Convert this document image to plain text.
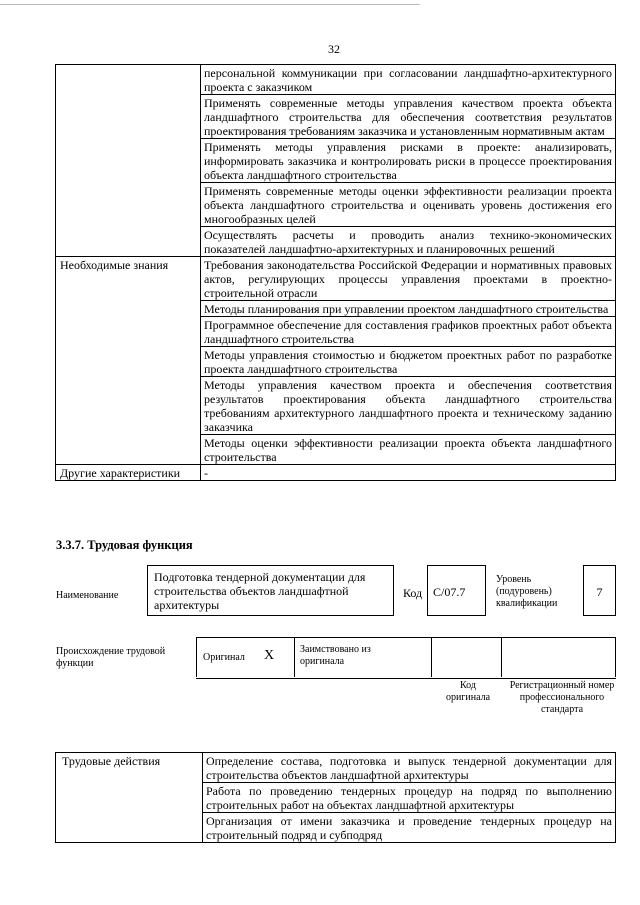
32
	персональной коммуникации при согласовании ландшафтно-архитектурного проекта с заказчиком
	Применять современные методы управления качеством проекта объекта ландшафтного строительства для обеспечения соответствия результатов проектирования требованиям заказчика и установленным нормативным актам
	Применять методы управления рисками в проекте: анализировать, информировать заказчика и контролировать риски в процессе проектирования объекта ландшафтного строительства
	Применять современные методы оценки эффективности реализации проекта объекта ландшафтного строительства и оценивать уровень достижения его многообразных целей
	Осуществлять расчеты и проводить анализ технико-экономических показателей ландшафтно-архитектурных и планировочных решений
Необходимые знания	Требования законодательства Российской Федерации и нормативных правовых актов, регулирующих процессы управления проектами в проектно-строительной отрасли
	Методы планирования при управлении проектом ландшафтного строительства
	Программное обеспечение для составления графиков проектных работ объекта ландшафтного строительства
	Методы управления стоимостью и бюджетом проектных работ по разработке проекта ландшафтного строительства
	Методы управления качеством проекта и обеспечения соответствия результатов проектирования объекта ландшафтного строительства требованиям архитектурного ландшафтного проекта и техническому заданию заказчика
	Методы оценки эффективности реализации проекта объекта ландшафтного строительства
Другие характеристики	-
3.3.7. Трудовая функция
Наименование
Подготовка тендерной документации для строительства объектов ландшафтной архитектуры
Код С/07.7
Уровень (подуровень) квалификации
7
Происхождение трудовой функции
Оригинал X	Заимствовано из оригинала
Код оригинала
Регистрационный номер профессионального стандарта
Трудовые действия	Определение состава, подготовка и выпуск тендерной документации для строительства объектов ландшафтной архитектуры
Работа по проведению тендерных процедур на подряд по выполнению строительных работ на объектах ландшафтной архитектуры
Организация от имени заказчика и проведение тендерных процедур на строительный подряд и субподряд
